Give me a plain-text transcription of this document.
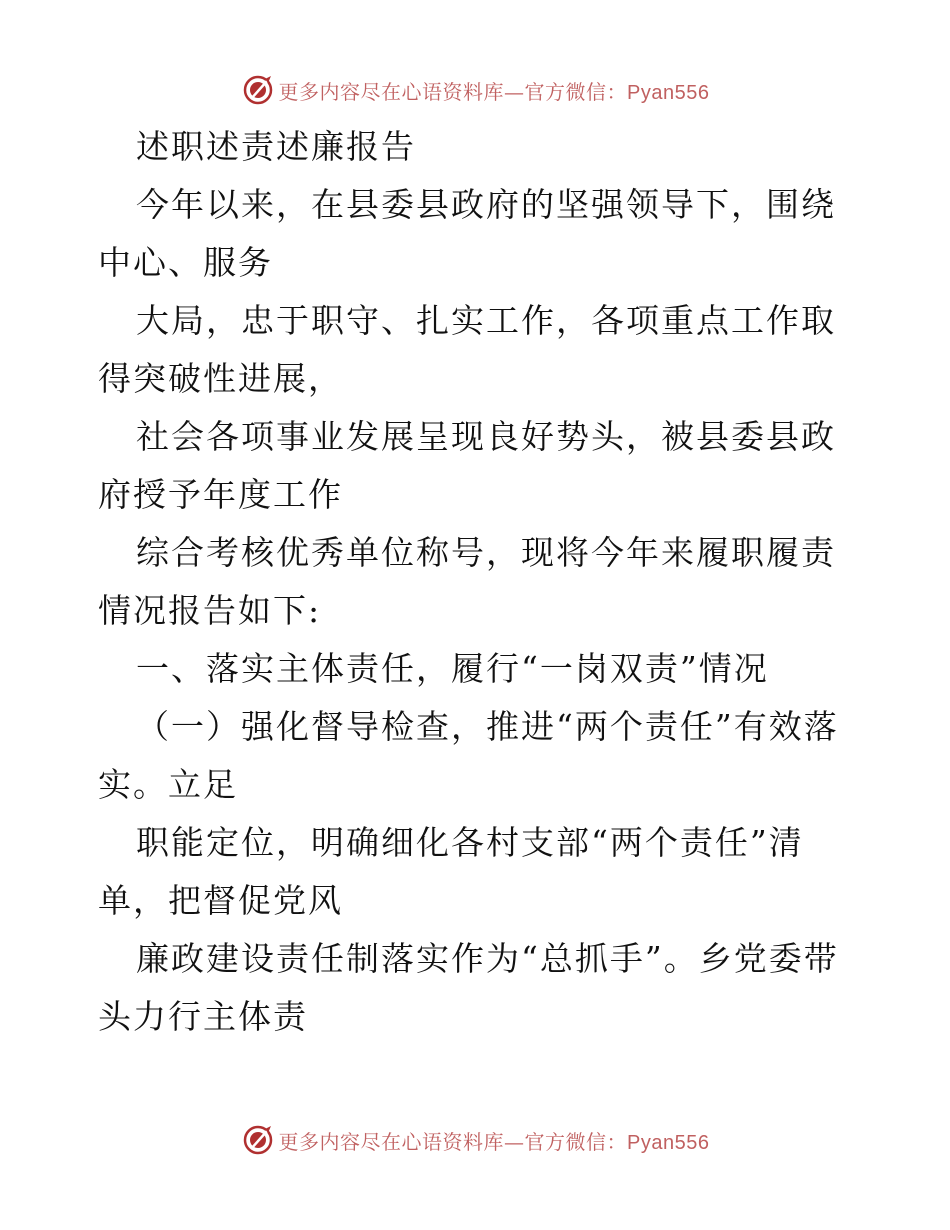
更多内容尽在心语资料库—官方微信：Pyan556

述职述责述廉报告

今年以来，在县委县政府的坚强领导下，围绕中心、服务

大局，忠于职守、扎实工作，各项重点工作取得突破性进展，

社会各项事业发展呈现良好势头，被县委县政府授予年度工作

综合考核优秀单位称号，现将今年来履职履责情况报告如下:

一、落实主体责任，履行“一岗双责”情况

（一）强化督导检查，推进“两个责任”有效落实。立足

职能定位，明确细化各村支部“两个责任”清单，把督促党风

廉政建设责任制落实作为“总抓手”。乡党委带头力行主体责

更多内容尽在心语资料库—官方微信：Pyan556
